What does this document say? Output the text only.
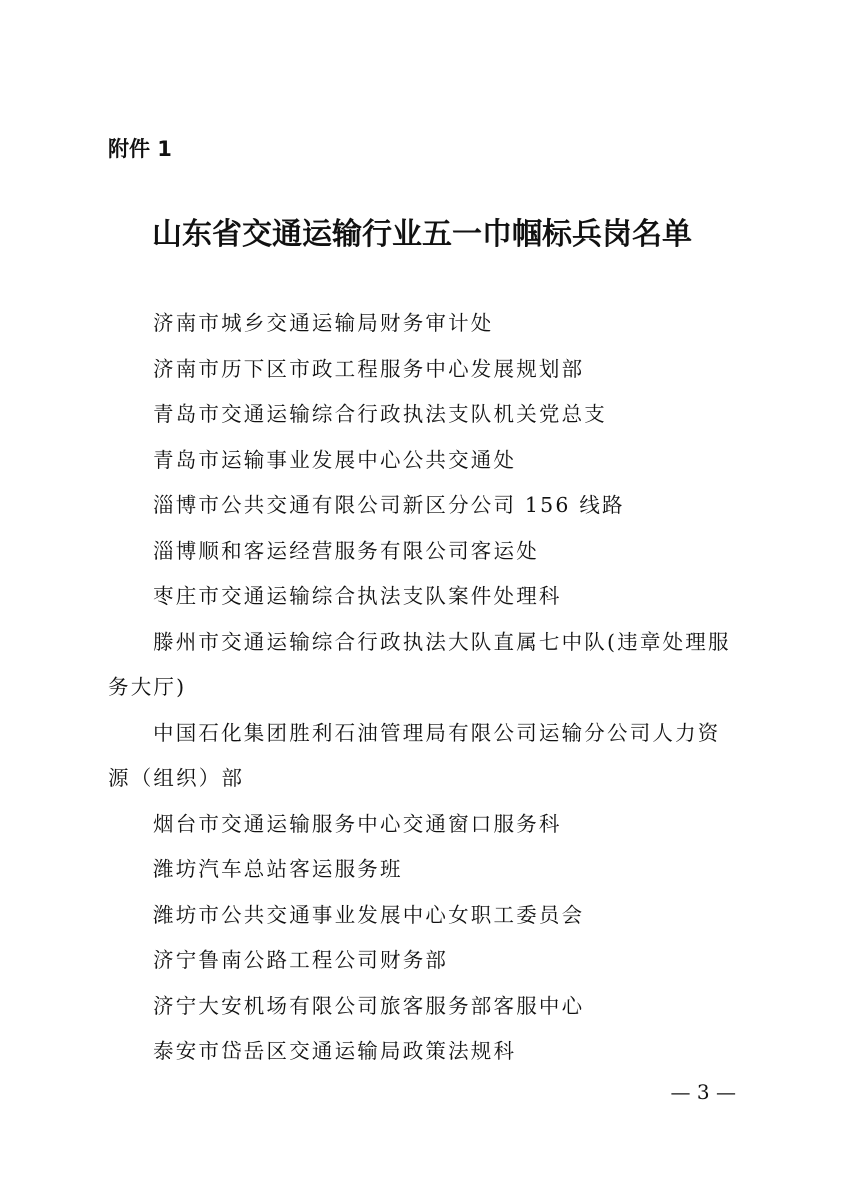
附件 1

山东省交通运输行业五一巾帼标兵岗名单
济南市城乡交通运输局财务审计处
济南市历下区市政工程服务中心发展规划部
青岛市交通运输综合行政执法支队机关党总支
青岛市运输事业发展中心公共交通处
淄博市公共交通有限公司新区分公司 156 线路
淄博顺和客运经营服务有限公司客运处
枣庄市交通运输综合执法支队案件处理科
滕州市交通运输综合行政执法大队直属七中队(违章处理服务大厅)
中国石化集团胜利石油管理局有限公司运输分公司人力资源（组织）部
烟台市交通运输服务中心交通窗口服务科
潍坊汽车总站客运服务班
潍坊市公共交通事业发展中心女职工委员会
济宁鲁南公路工程公司财务部
济宁大安机场有限公司旅客服务部客服中心
泰安市岱岳区交通运输局政策法规科

— 3 —
